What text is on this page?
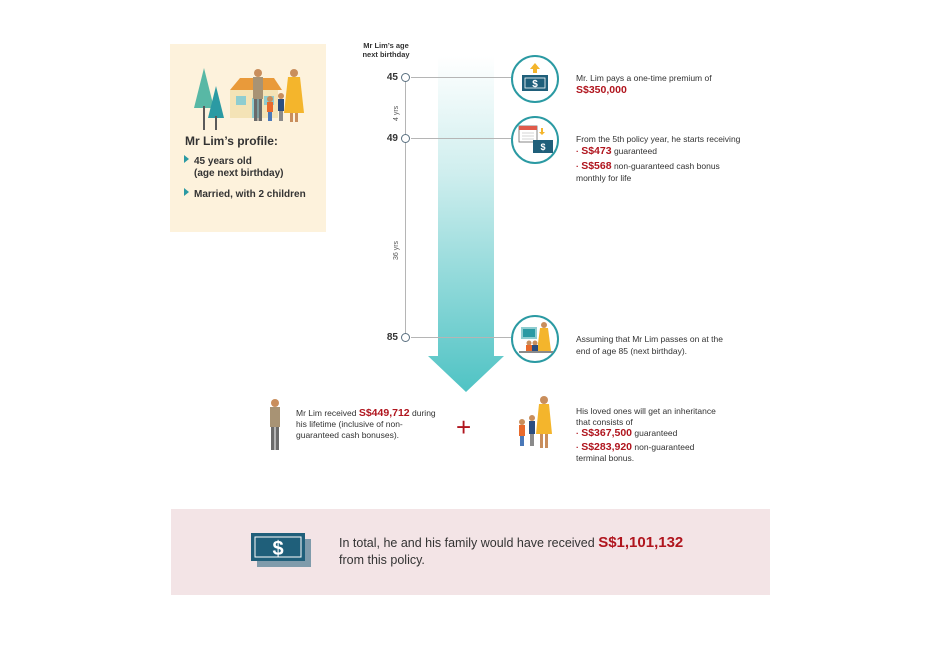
Mr Lim’s profile:
45 years old
(age next birthday)
Married, with 2 children
Mr Lim’s age next birthday
45
49
85
4 yrs
36 yrs
$
$
Mr. Lim pays a one-time premium of
S$350,000
From the 5th policy year, he starts receiving
· S$473 guaranteed
· S$568 non-guaranteed cash bonus
monthly for life
Assuming that Mr Lim passes on at the end of age 85 (next birthday).
Mr Lim received S$449,712 during his lifetime (inclusive of non-guaranteed cash bonuses).	+
His loved ones will get an inheritance that consists of
· S$367,500 guaranteed
· S$283,920 non-guaranteed terminal bonus.
$	In total, he and his family would have received S$1,101,132
from this policy.
